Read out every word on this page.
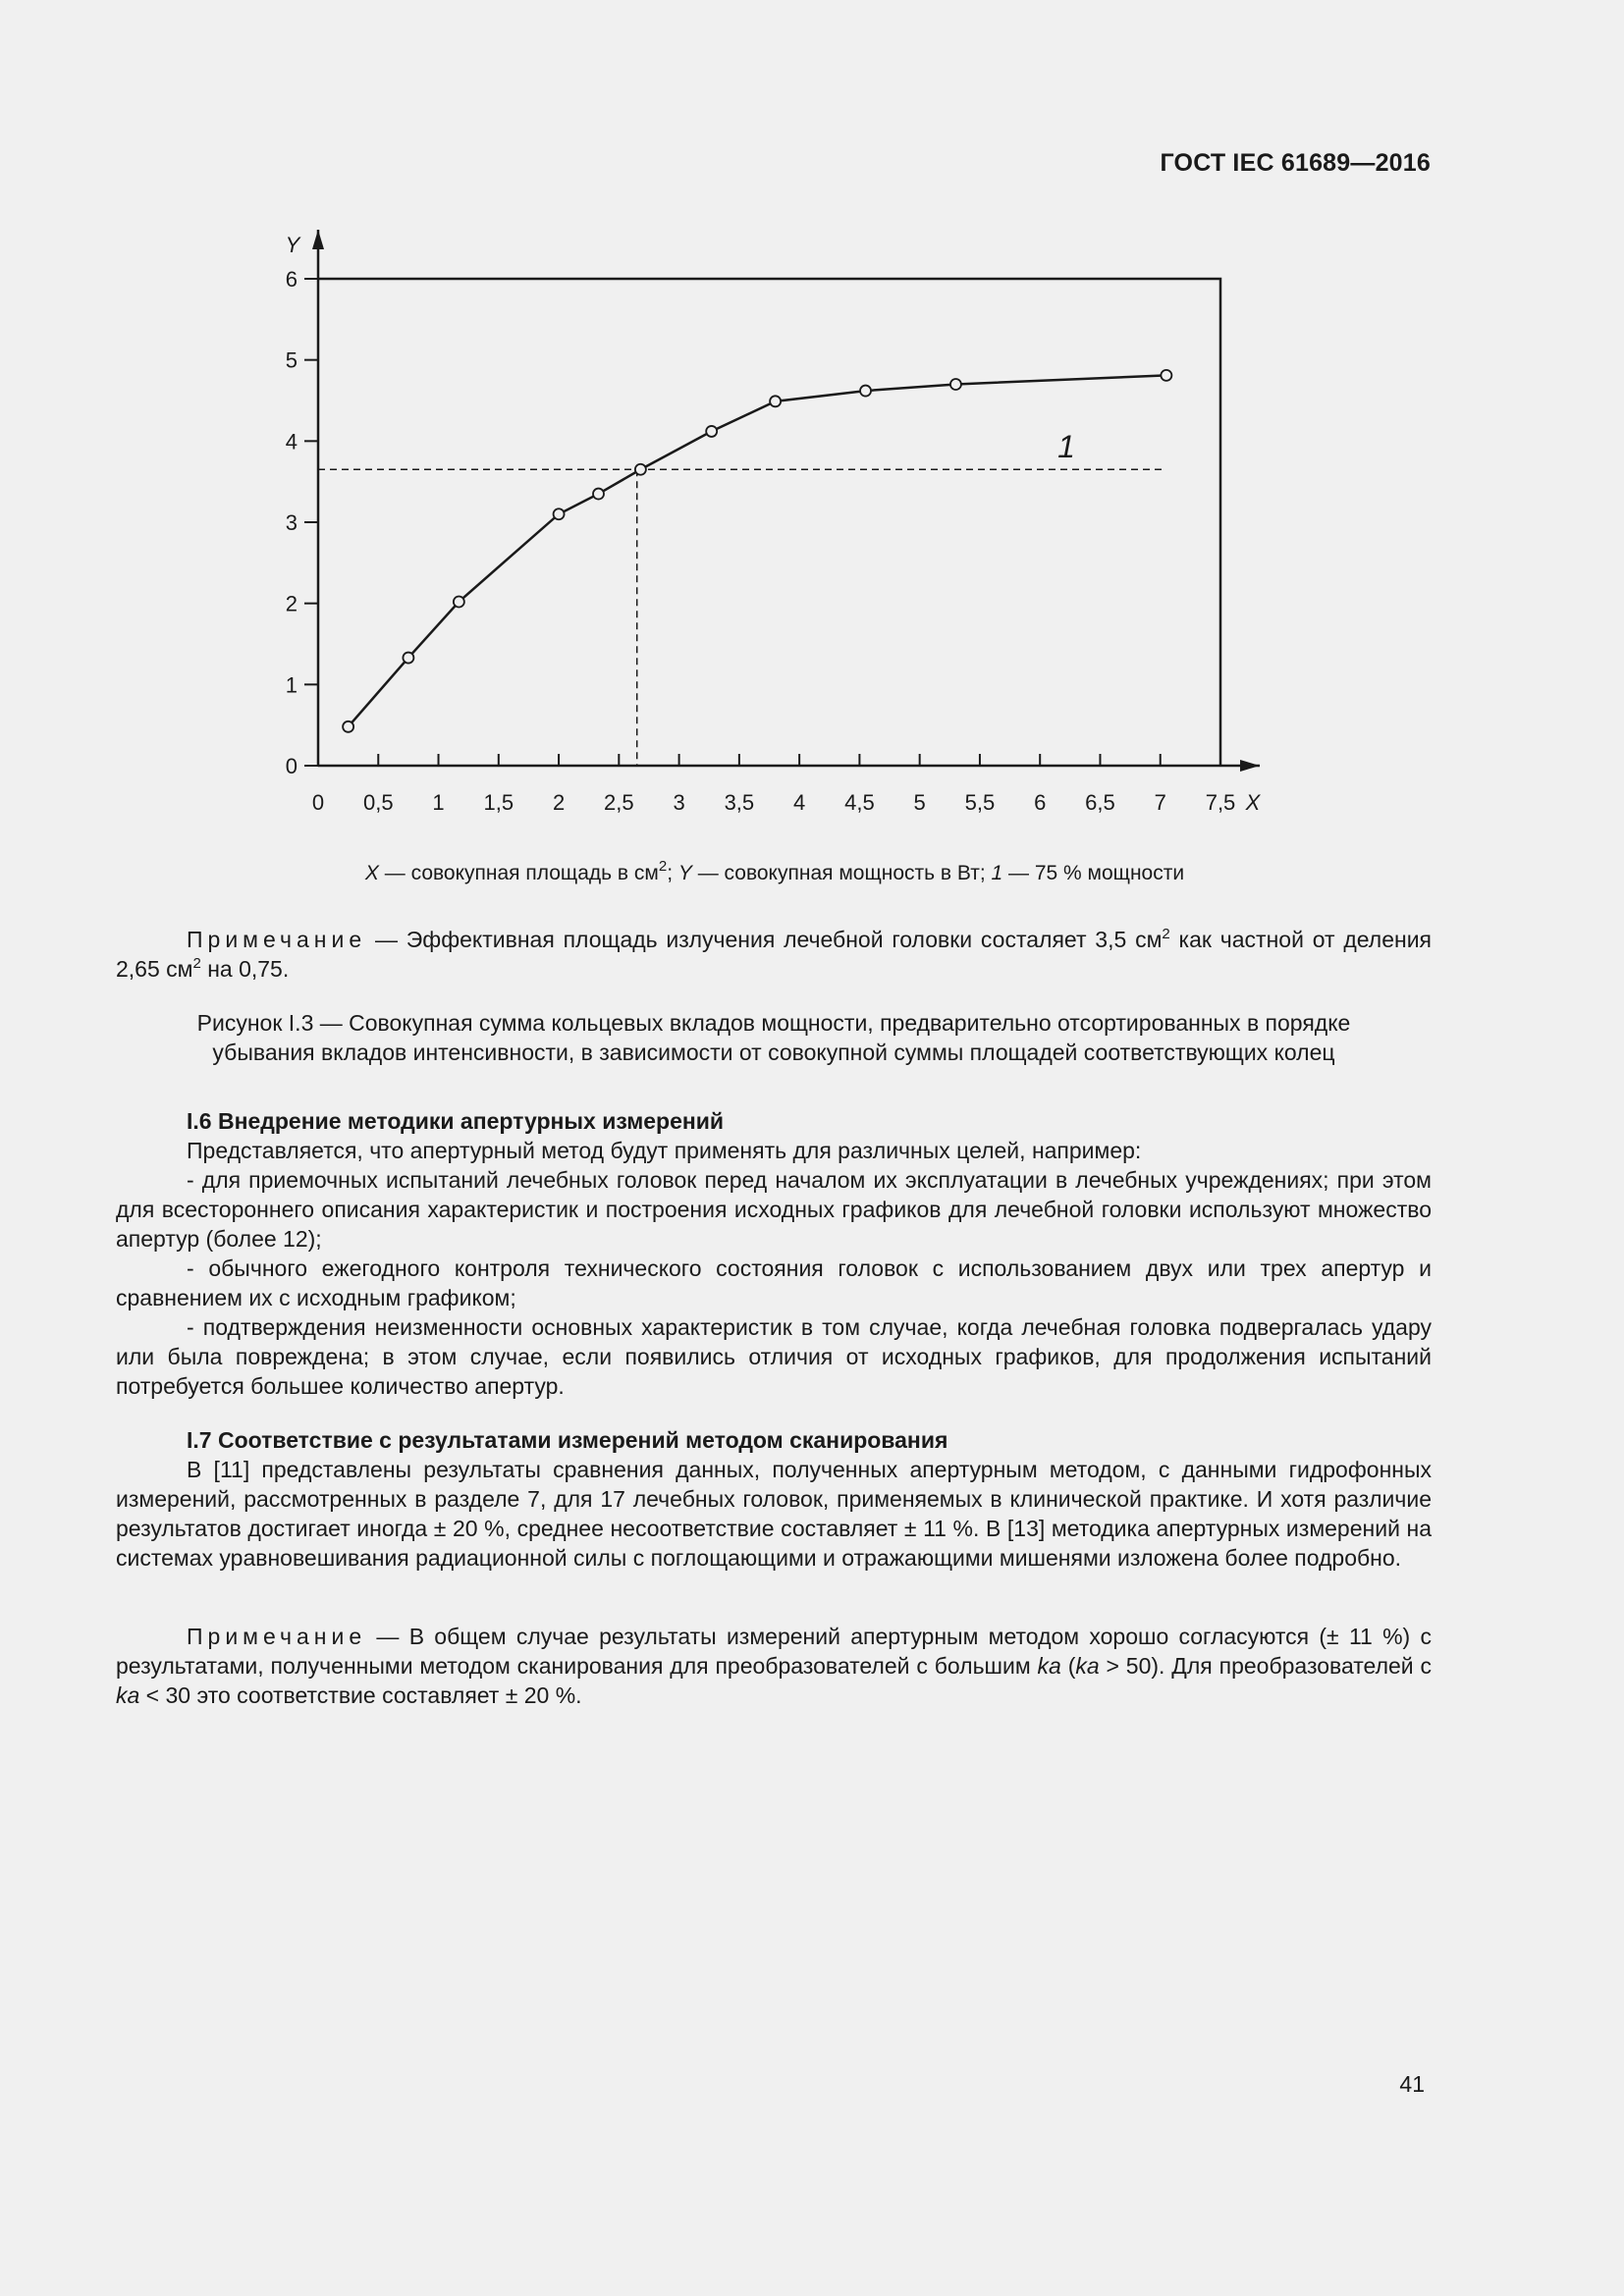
ГОСТ IEC 61689—2016
0
1
2
3
4
5
6
0 0,5 1 1,5 2 2,5 3 3,5 4 4,5 5 5,5 6 6,5 7 7,5 X
Y
1
X — совокупная площадь в $см^2$; Y — совокупная мощность в Вт; 1 — 75 % мощности

Примечание — Эффективная площадь излучения лечебной головки состаляет 3,5 $см^2$ как частной от деления 2,65 $см^2$ на 0,75.

Рисунок I.3 — Совокупная сумма кольцевых вкладов мощности, предварительно отсортированных в порядке убывания вкладов интенсивности, в зависимости от совокупной суммы площадей соответствующих колец

I.6 Внедрение методики апертурных измерений

Представляется, что апертурный метод будут применять для различных целей, например:

- для приемочных испытаний лечебных головок перед началом их эксплуатации в лечебных учреждениях; при этом для всестороннего описания характеристик и построения исходных графиков для лечебной головки используют множество апертур (более 12);

- обычного ежегодного контроля технического состояния головок с использованием двух или трех апертур и сравнением их с исходным графиком;

- подтверждения неизменности основных характеристик в том случае, когда лечебная головка подвергалась удару или была повреждена; в этом случае, если появились отличия от исходных графиков, для продолжения испытаний потребуется большее количество апертур.

I.7 Соответствие с результатами измерений методом сканирования

В [11] представлены результаты сравнения данных, полученных апертурным методом, с данными гидрофонных измерений, рассмотренных в разделе 7, для 17 лечебных головок, применяемых в клинической практике. И хотя различие результатов достигает иногда ± 20 %, среднее несоответствие составляет ± 11 %. В [13] методика апертурных измерений на системах уравновешивания радиационной силы с поглощающими и отражающими мишенями изложена более подробно.

Примечание — В общем случае результаты измерений апертурным методом хорошо согласуются (± 11 %) с результатами, полученными методом сканирования для преобразователей с большим ka (ka > 50). Для преобразователей с ka < 30 это соответствие составляет ± 20 %.

41
